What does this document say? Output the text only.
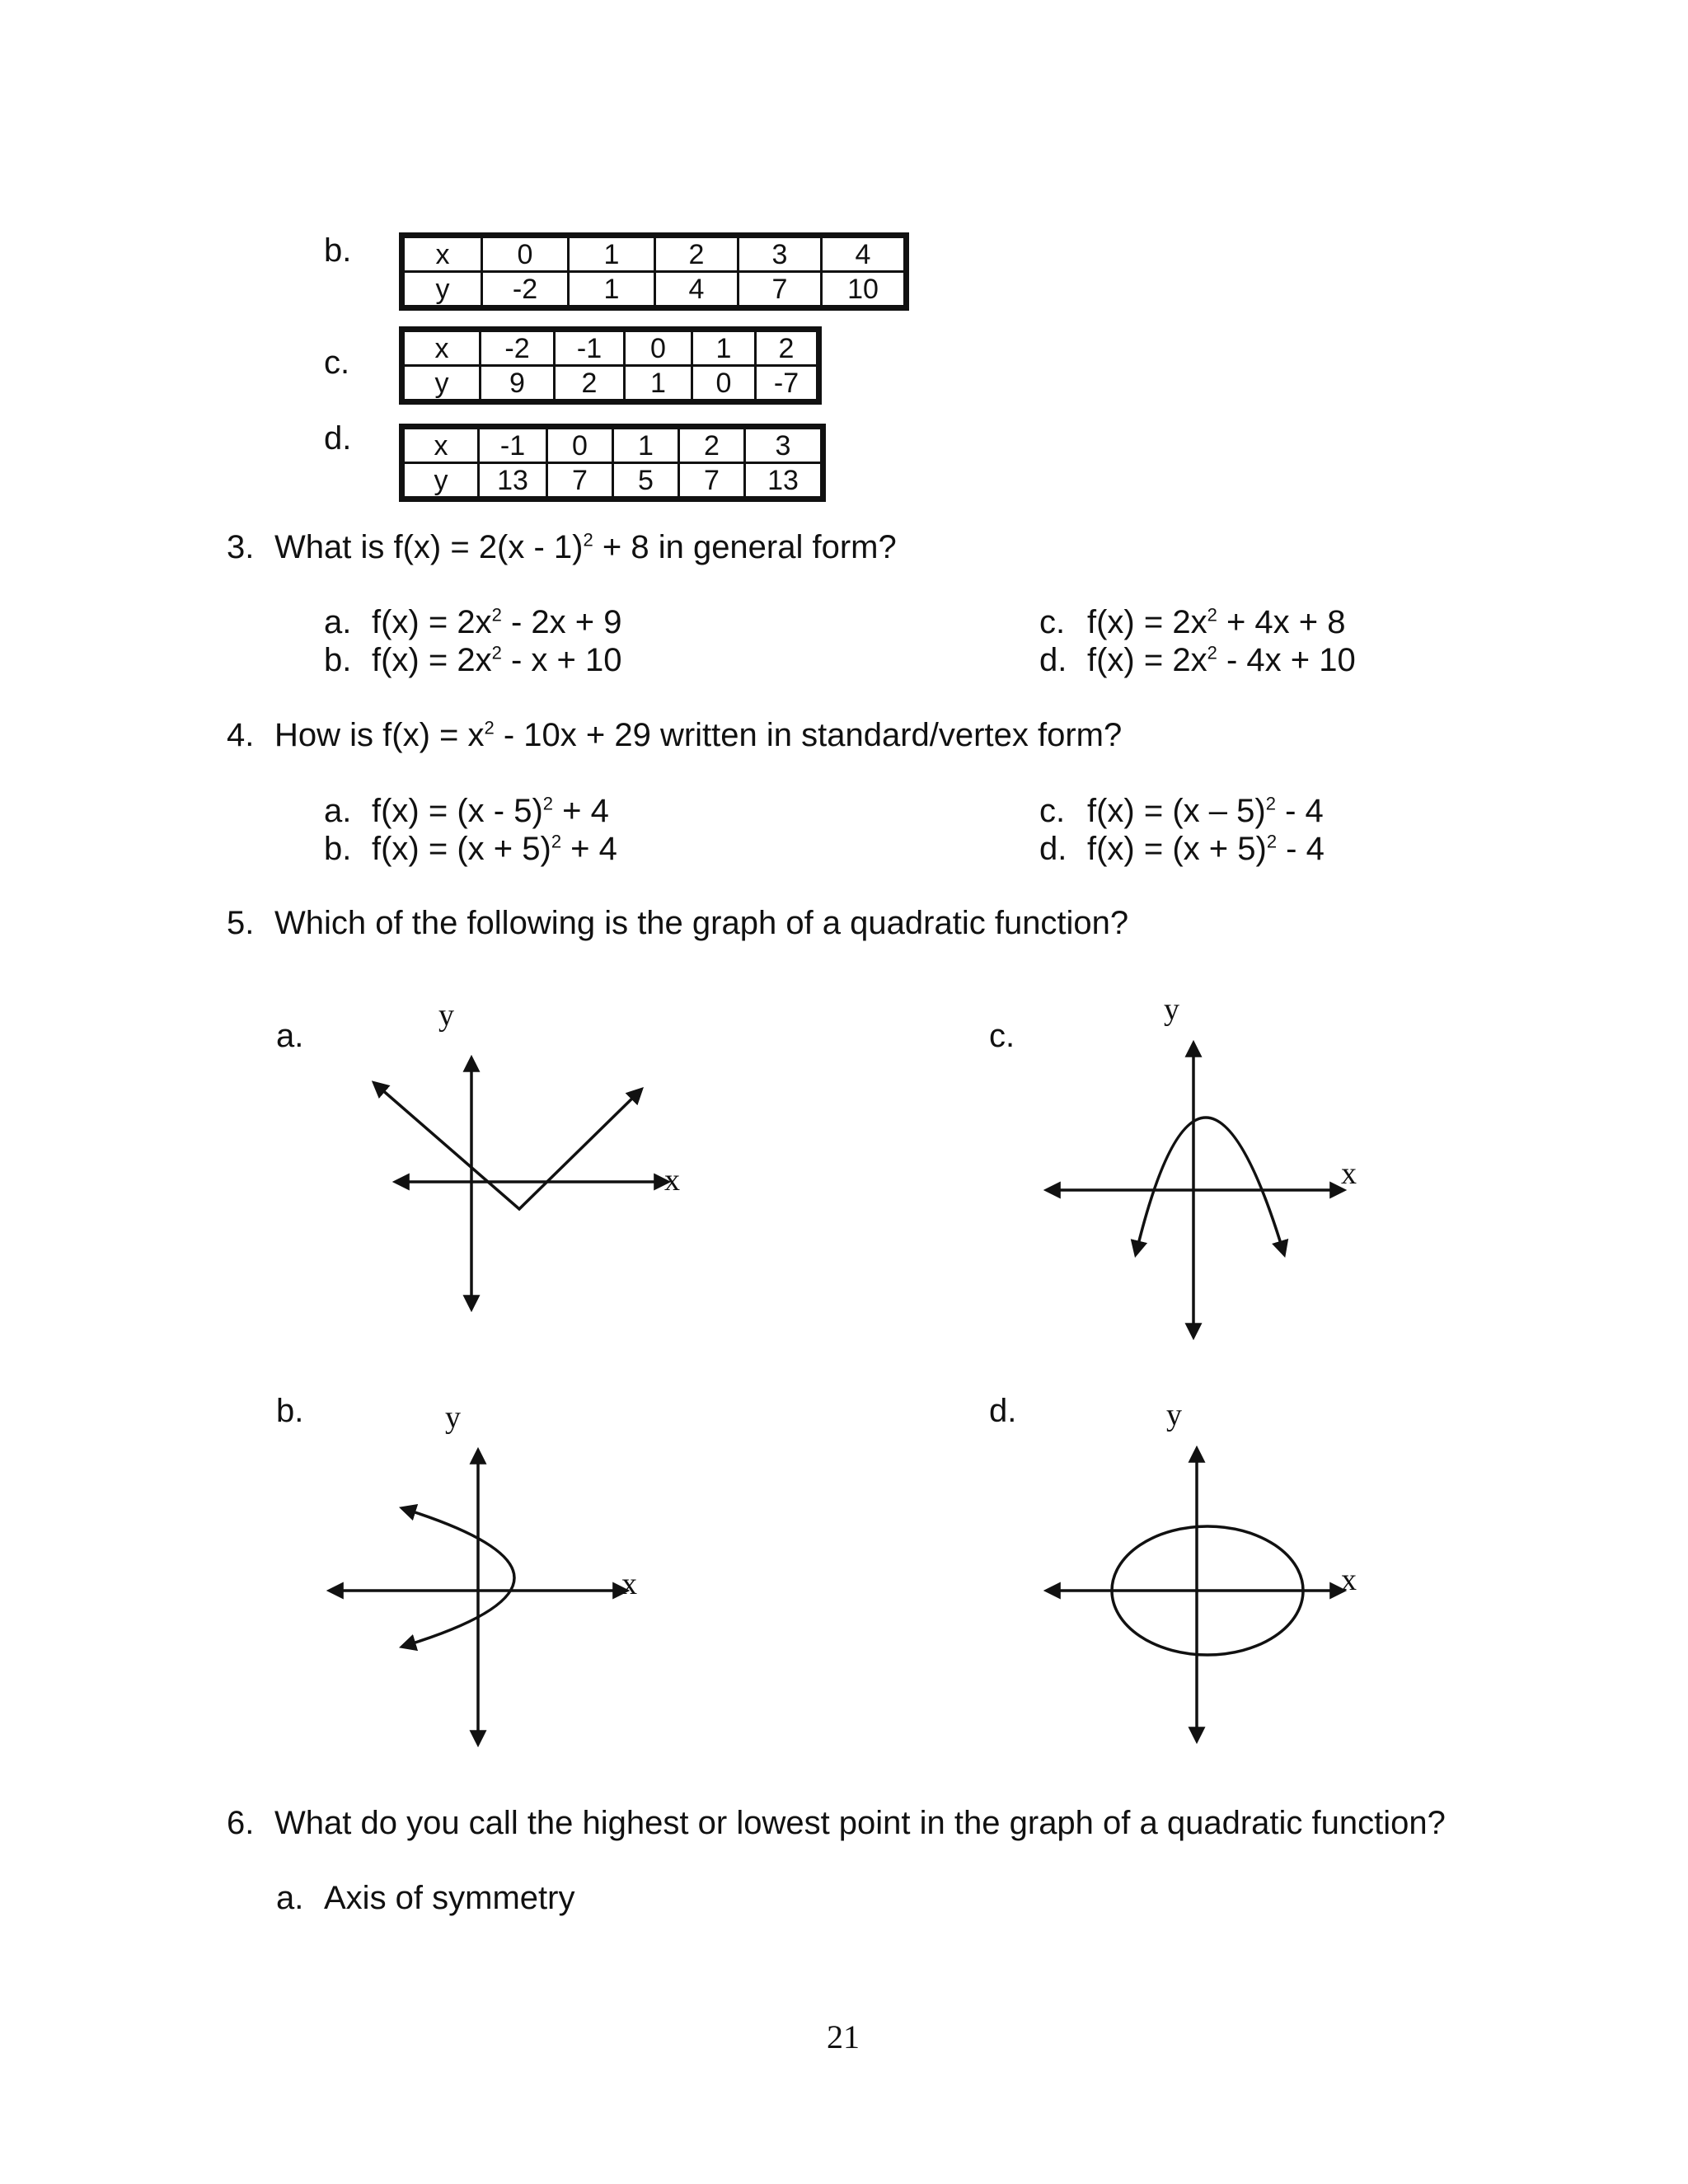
b.	x	0	1	2	3	4
y	-2	1	4	7	10
c.	x	-2	-1	0	1	2
y	9	2	1	0	-7
d.	x	-1	0	1	2	3
y	13	7	5	7	13
3. What is f(x) = 2(x - 1)$^2$ + 8 in general form?
a. $f(x) = 2x^2 - 2x + 9$
b. $f(x) = 2x^2 - x + 10$
c. $f(x) = 2x^2 + 4x + 8$
d. $f(x) = 2x^2 - 4x + 10$
4. How is $f(x) = x^2 - 10x + 29$ written in standard/vertex form?
a. f(x) = (x - 5)$^2$ + 4
b. $f(x) = (x + 5)^2 + 4$
c. f(x) = (x – 5)$^2$ - 4
d. $f(x) = (x + 5)^2 - 4$
5. Which of the following is the graph of a quadratic function?
a.
b.
c.
d.
y
x
y
x
y
x
y
x
6. What do you call the highest or lowest point in the graph of a quadratic function?
a. Axis of symmetry
21
